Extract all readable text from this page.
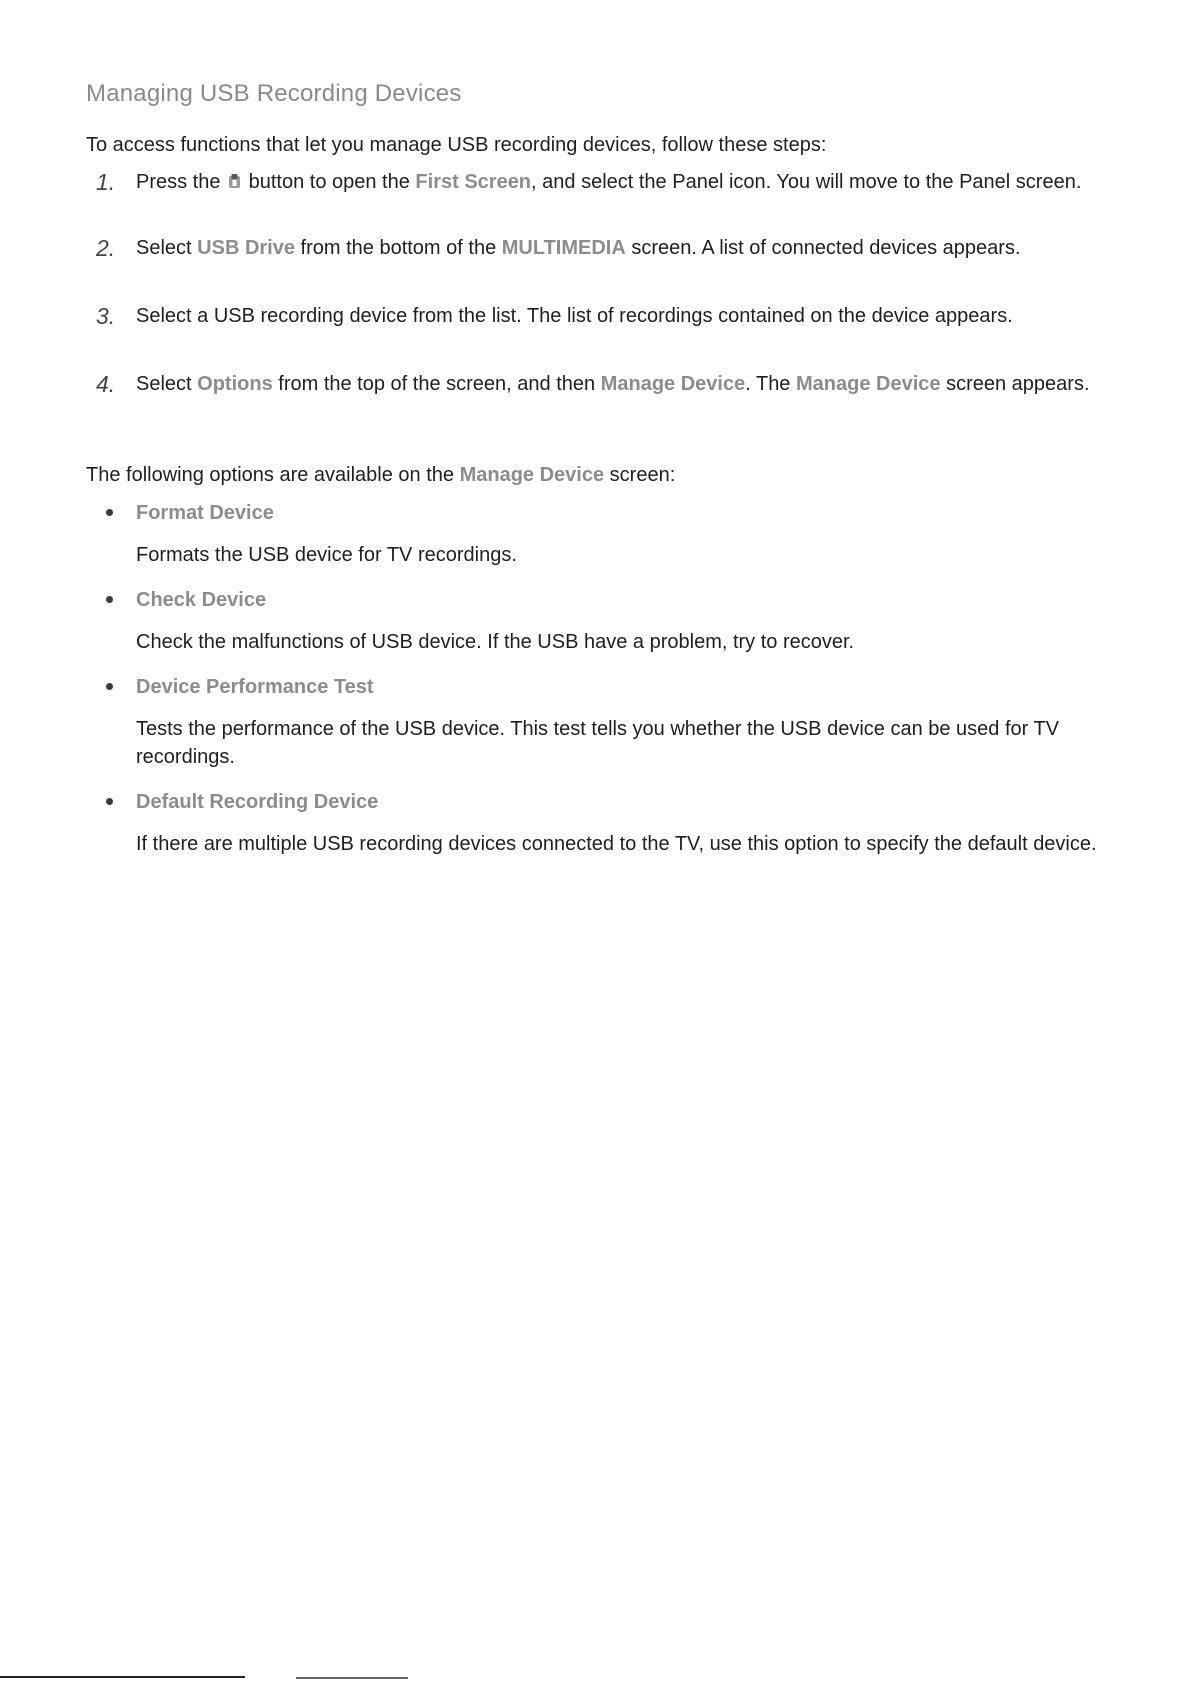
Managing USB Recording Devices
To access functions that let you manage USB recording devices, follow these steps:
1. Press the button to open the First Screen, and select the Panel icon. You will move to the Panel screen.
2. Select USB Drive from the bottom of the MULTIMEDIA screen. A list of connected devices appears.
3. Select a USB recording device from the list. The list of recordings contained on the device appears.
4. Select Options from the top of the screen, and then Manage Device. The Manage Device screen appears.
The following options are available on the Manage Device screen:
Format Device
Formats the USB device for TV recordings.
Check Device
Check the malfunctions of USB device. If the USB have a problem, try to recover.
Device Performance Test
Tests the performance of the USB device. This test tells you whether the USB device can be used for TV recordings.
Default Recording Device
If there are multiple USB recording devices connected to the TV, use this option to specify the default device.
